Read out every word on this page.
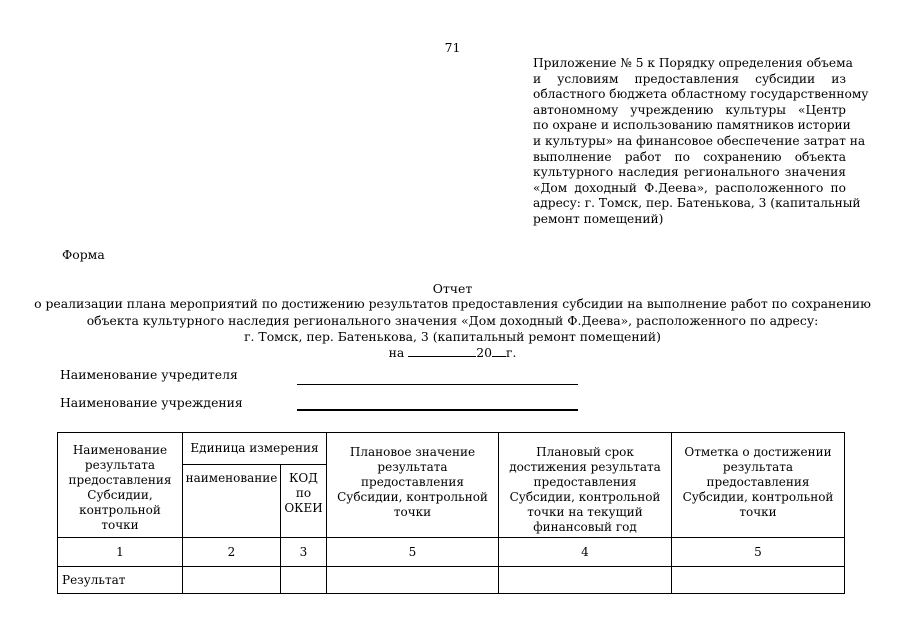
71
Приложение № 5 к Порядку определения объема
и условиям предоставления субсидии из
областного бюджета областному государственному
автономному учреждению культуры «Центр
по охране и использованию памятников истории
и культуры» на финансовое обеспечение затрат на
выполнение работ по сохранению объекта
культурного наследия регионального значения
«Дом доходный Ф.Деева», расположенного по
адресу: г. Томск, пер. Батенькова, 3 (капитальный
ремонт помещений)
Форма
Отчет
о реализации плана мероприятий по достижению результатов предоставления субсидии на выполнение работ по сохранению
объекта культурного наследия регионального значения «Дом доходный Ф.Деева», расположенного по адресу:
г. Томск, пер. Батенькова, 3 (капитальный ремонт помещений)
на	20 г.
Наименование учредителя
Наименование учреждения
Наименование результата предоставления Субсидии, контрольной точки	Единица измерения		Плановое значение результата предоставления Субсидии, контрольной точки	Плановый срок достижения результата предоставления Субсидии, контрольной точки на текущий финансовый год	Отметка о достижении результата предоставления Субсидии, контрольной точки
	наименование	КОД по ОКЕИ			
1	2	3	5	4	5
Результат					
